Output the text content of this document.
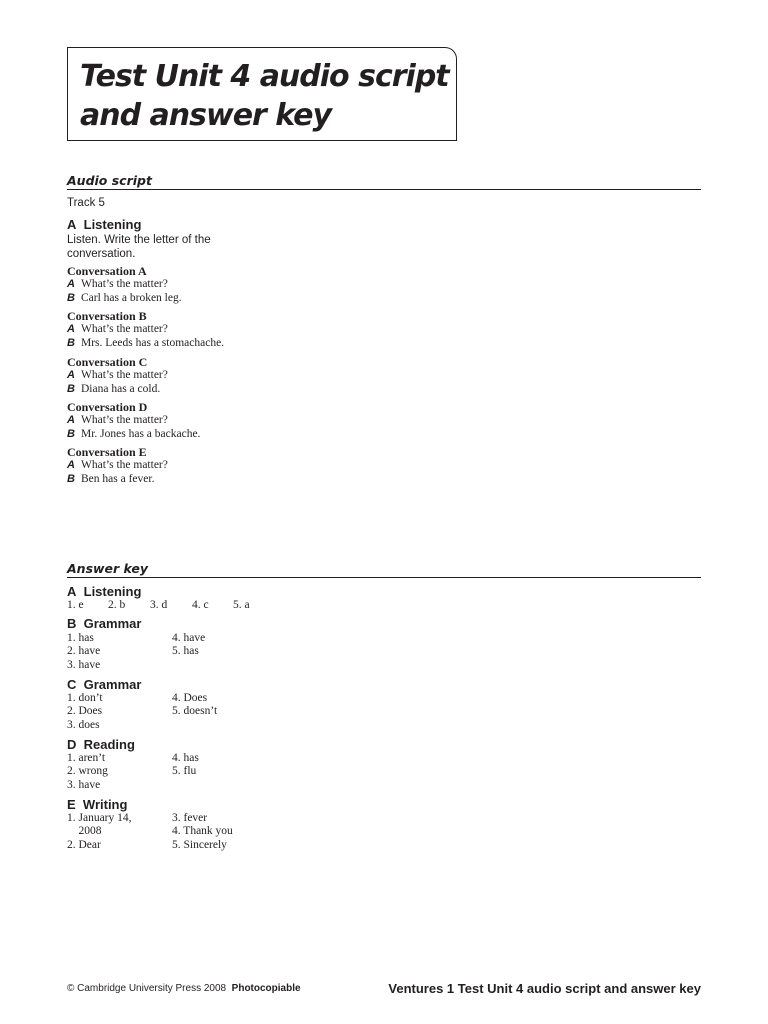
Test Unit 4 audio script
and answer key
Audio script
Track 5
A Listening
Listen. Write the letter of the
conversation.
Conversation A
A What’s the matter?
B Carl has a broken leg.
Conversation B
A What’s the matter?
B Mrs. Leeds has a stomachache.
Conversation C
A What’s the matter?
B Diana has a cold.
Conversation D
A What’s the matter?
B Mr. Jones has a backache.
Conversation E
A What’s the matter?
B Ben has a fever.
Answer key
A Listening
1. e 2. b 3. d 4. c 5. a
B Grammar
1. has
2. have
3. have
4. have
5. has
C Grammar
1. don’t
2. Does
3. does
4. Does
5. doesn’t
D Reading
1. aren’t
2. wrong
3. have
4. has
5. flu
E Writing
1. January 14,
2008
2. Dear
3. fever
4. Thank you
5. Sincerely
© Cambridge University Press 2008 Photocopiable	Ventures 1 Test Unit 4 audio script and answer key
